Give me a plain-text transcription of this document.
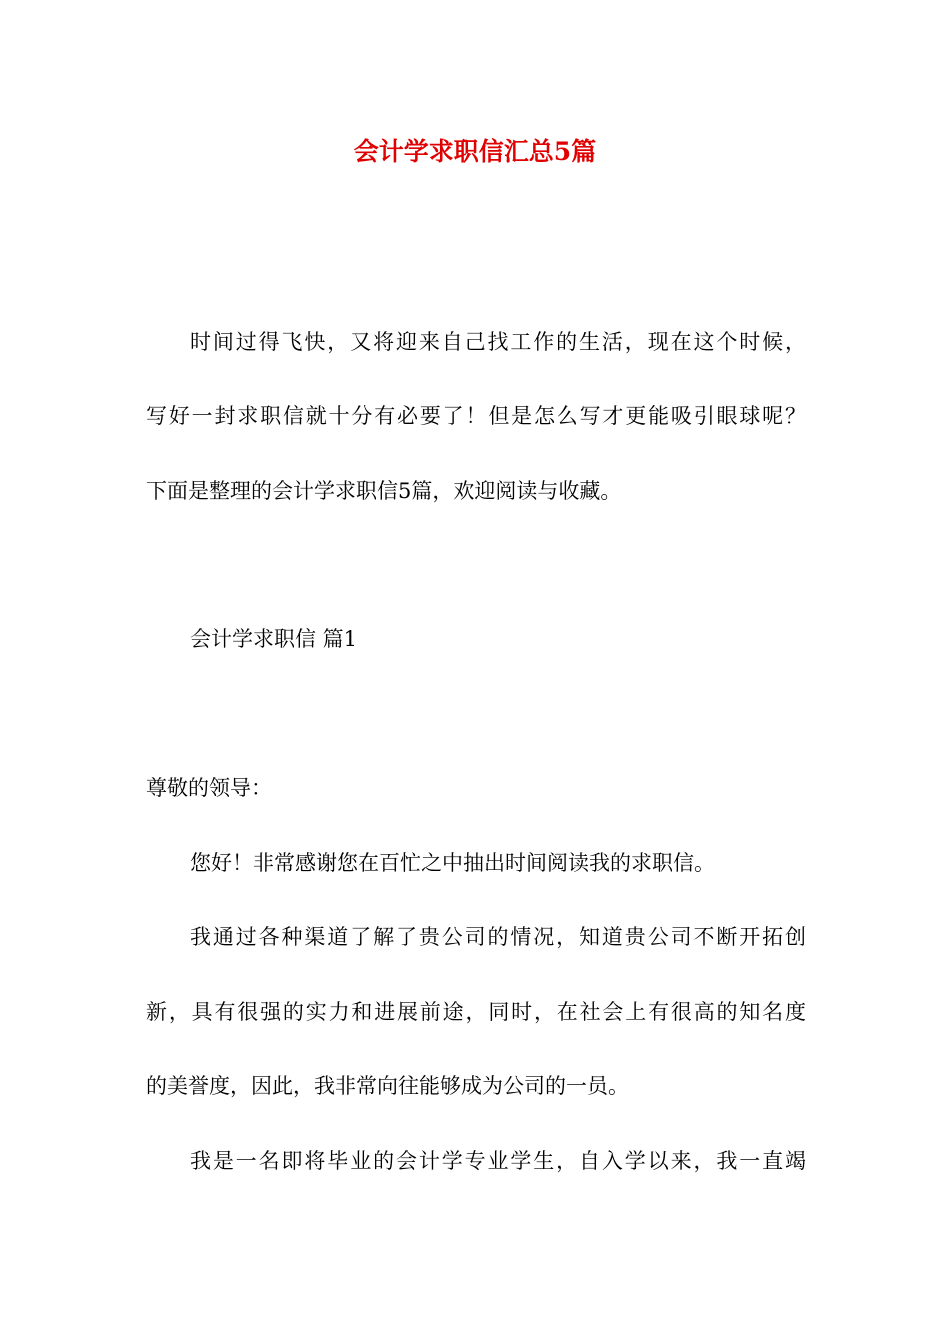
会计学求职信汇总5篇
时间过得飞快，又将迎来自己找工作的生活，现在这个时候，
写好一封求职信就十分有必要了！但是怎么写才更能吸引眼球呢？
下面是整理的会计学求职信5篇，欢迎阅读与收藏。
会计学求职信 篇1
尊敬的领导：
您好！非常感谢您在百忙之中抽出时间阅读我的求职信。
我通过各种渠道了解了贵公司的情况，知道贵公司不断开拓创
新，具有很强的实力和进展前途，同时，在社会上有很高的知名度
的美誉度，因此，我非常向往能够成为公司的一员。
我是一名即将毕业的会计学专业学生，自入学以来，我一直竭
